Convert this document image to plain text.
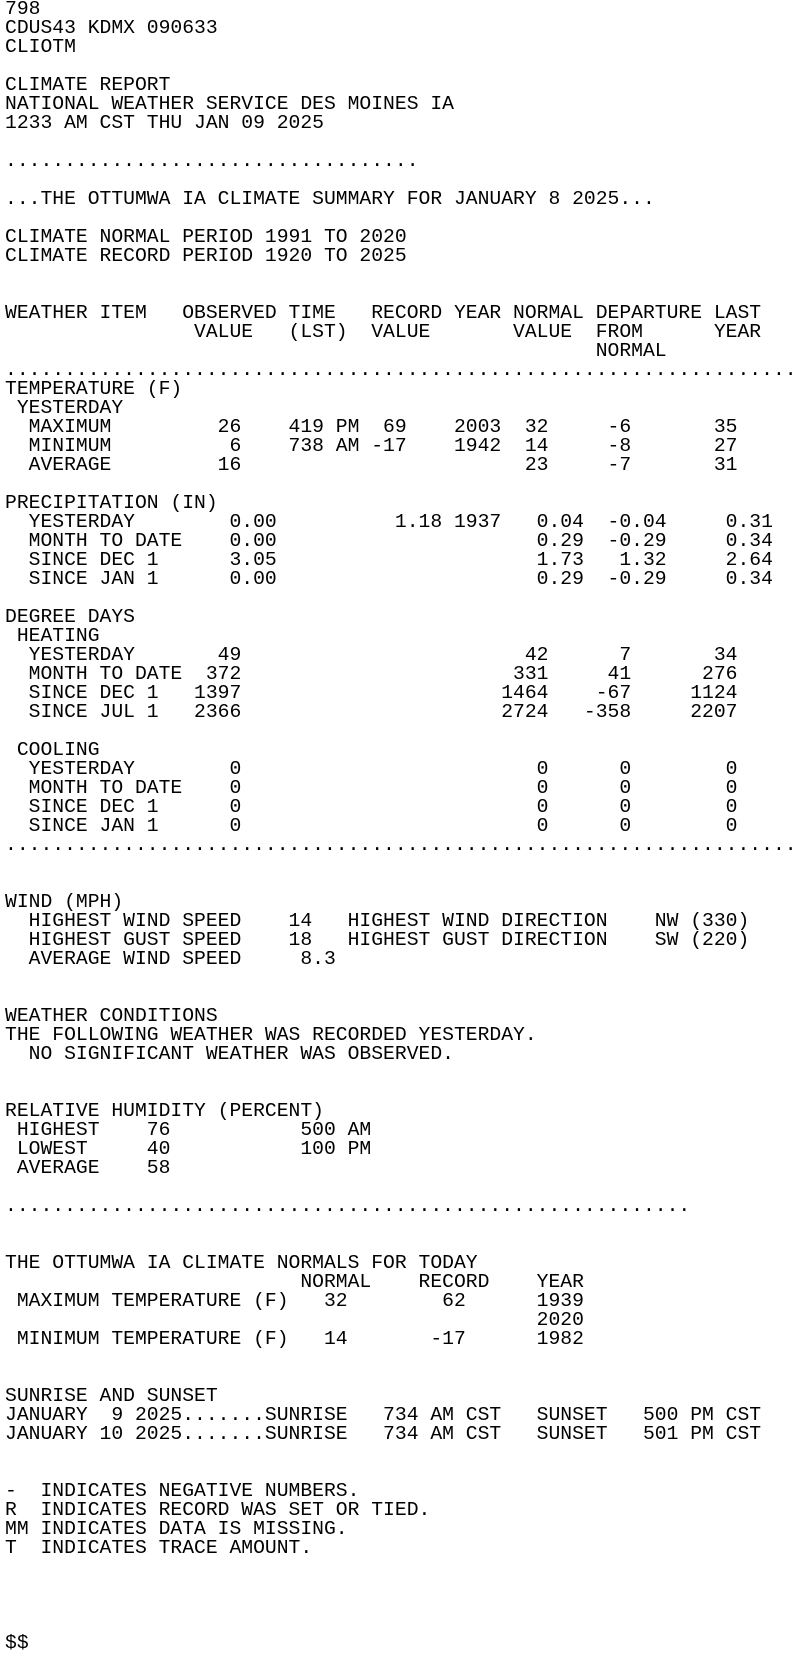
798
CDUS43 KDMX 090633
CLIOTM
CLIMATE REPORT
NATIONAL WEATHER SERVICE DES MOINES IA
1233 AM CST THU JAN 09 2025
...................................
...THE OTTUMWA IA CLIMATE SUMMARY FOR JANUARY 8 2025...
CLIMATE NORMAL PERIOD 1991 TO 2020
CLIMATE RECORD PERIOD 1920 TO 2025
WEATHER ITEM   OBSERVED TIME   RECORD YEAR NORMAL DEPARTURE LAST
VALUE   (LST)  VALUE       VALUE  FROM      YEAR
NORMAL
...................................................................
TEMPERATURE (F)
YESTERDAY
MAXIMUM         26    419 PM  69    2003  32     -6       35
MINIMUM          6    738 AM -17    1942  14     -8       27
AVERAGE         16                        23     -7       31
PRECIPITATION (IN)
YESTERDAY        0.00          1.18 1937   0.04  -0.04     0.31
MONTH TO DATE    0.00                      0.29  -0.29     0.34
SINCE DEC 1      3.05                      1.73   1.32     2.64
SINCE JAN 1      0.00                      0.29  -0.29     0.34
DEGREE DAYS
HEATING
YESTERDAY       49                        42      7       34
MONTH TO DATE  372                       331     41      276
SINCE DEC 1   1397                      1464    -67     1124
SINCE JUL 1   2366                      2724   -358     2207
COOLING
YESTERDAY        0                         0      0        0
MONTH TO DATE    0                         0      0        0
SINCE DEC 1      0                         0      0        0
SINCE JAN 1      0                         0      0        0
...................................................................
WIND (MPH)
HIGHEST WIND SPEED    14   HIGHEST WIND DIRECTION    NW (330)
HIGHEST GUST SPEED    18   HIGHEST GUST DIRECTION    SW (220)
AVERAGE WIND SPEED     8.3
WEATHER CONDITIONS
THE FOLLOWING WEATHER WAS RECORDED YESTERDAY.
NO SIGNIFICANT WEATHER WAS OBSERVED.
RELATIVE HUMIDITY (PERCENT)
HIGHEST    76           500 AM
LOWEST     40           100 PM
AVERAGE    58
..........................................................
THE OTTUMWA IA CLIMATE NORMALS FOR TODAY
NORMAL    RECORD    YEAR
MAXIMUM TEMPERATURE (F)   32        62      1939
2020
MINIMUM TEMPERATURE (F)   14       -17      1982
SUNRISE AND SUNSET
JANUARY  9 2025.......SUNRISE   734 AM CST   SUNSET   500 PM CST
JANUARY 10 2025.......SUNRISE   734 AM CST   SUNSET   501 PM CST
-  INDICATES NEGATIVE NUMBERS.
R  INDICATES RECORD WAS SET OR TIED.
MM INDICATES DATA IS MISSING.
T  INDICATES TRACE AMOUNT.
$$
